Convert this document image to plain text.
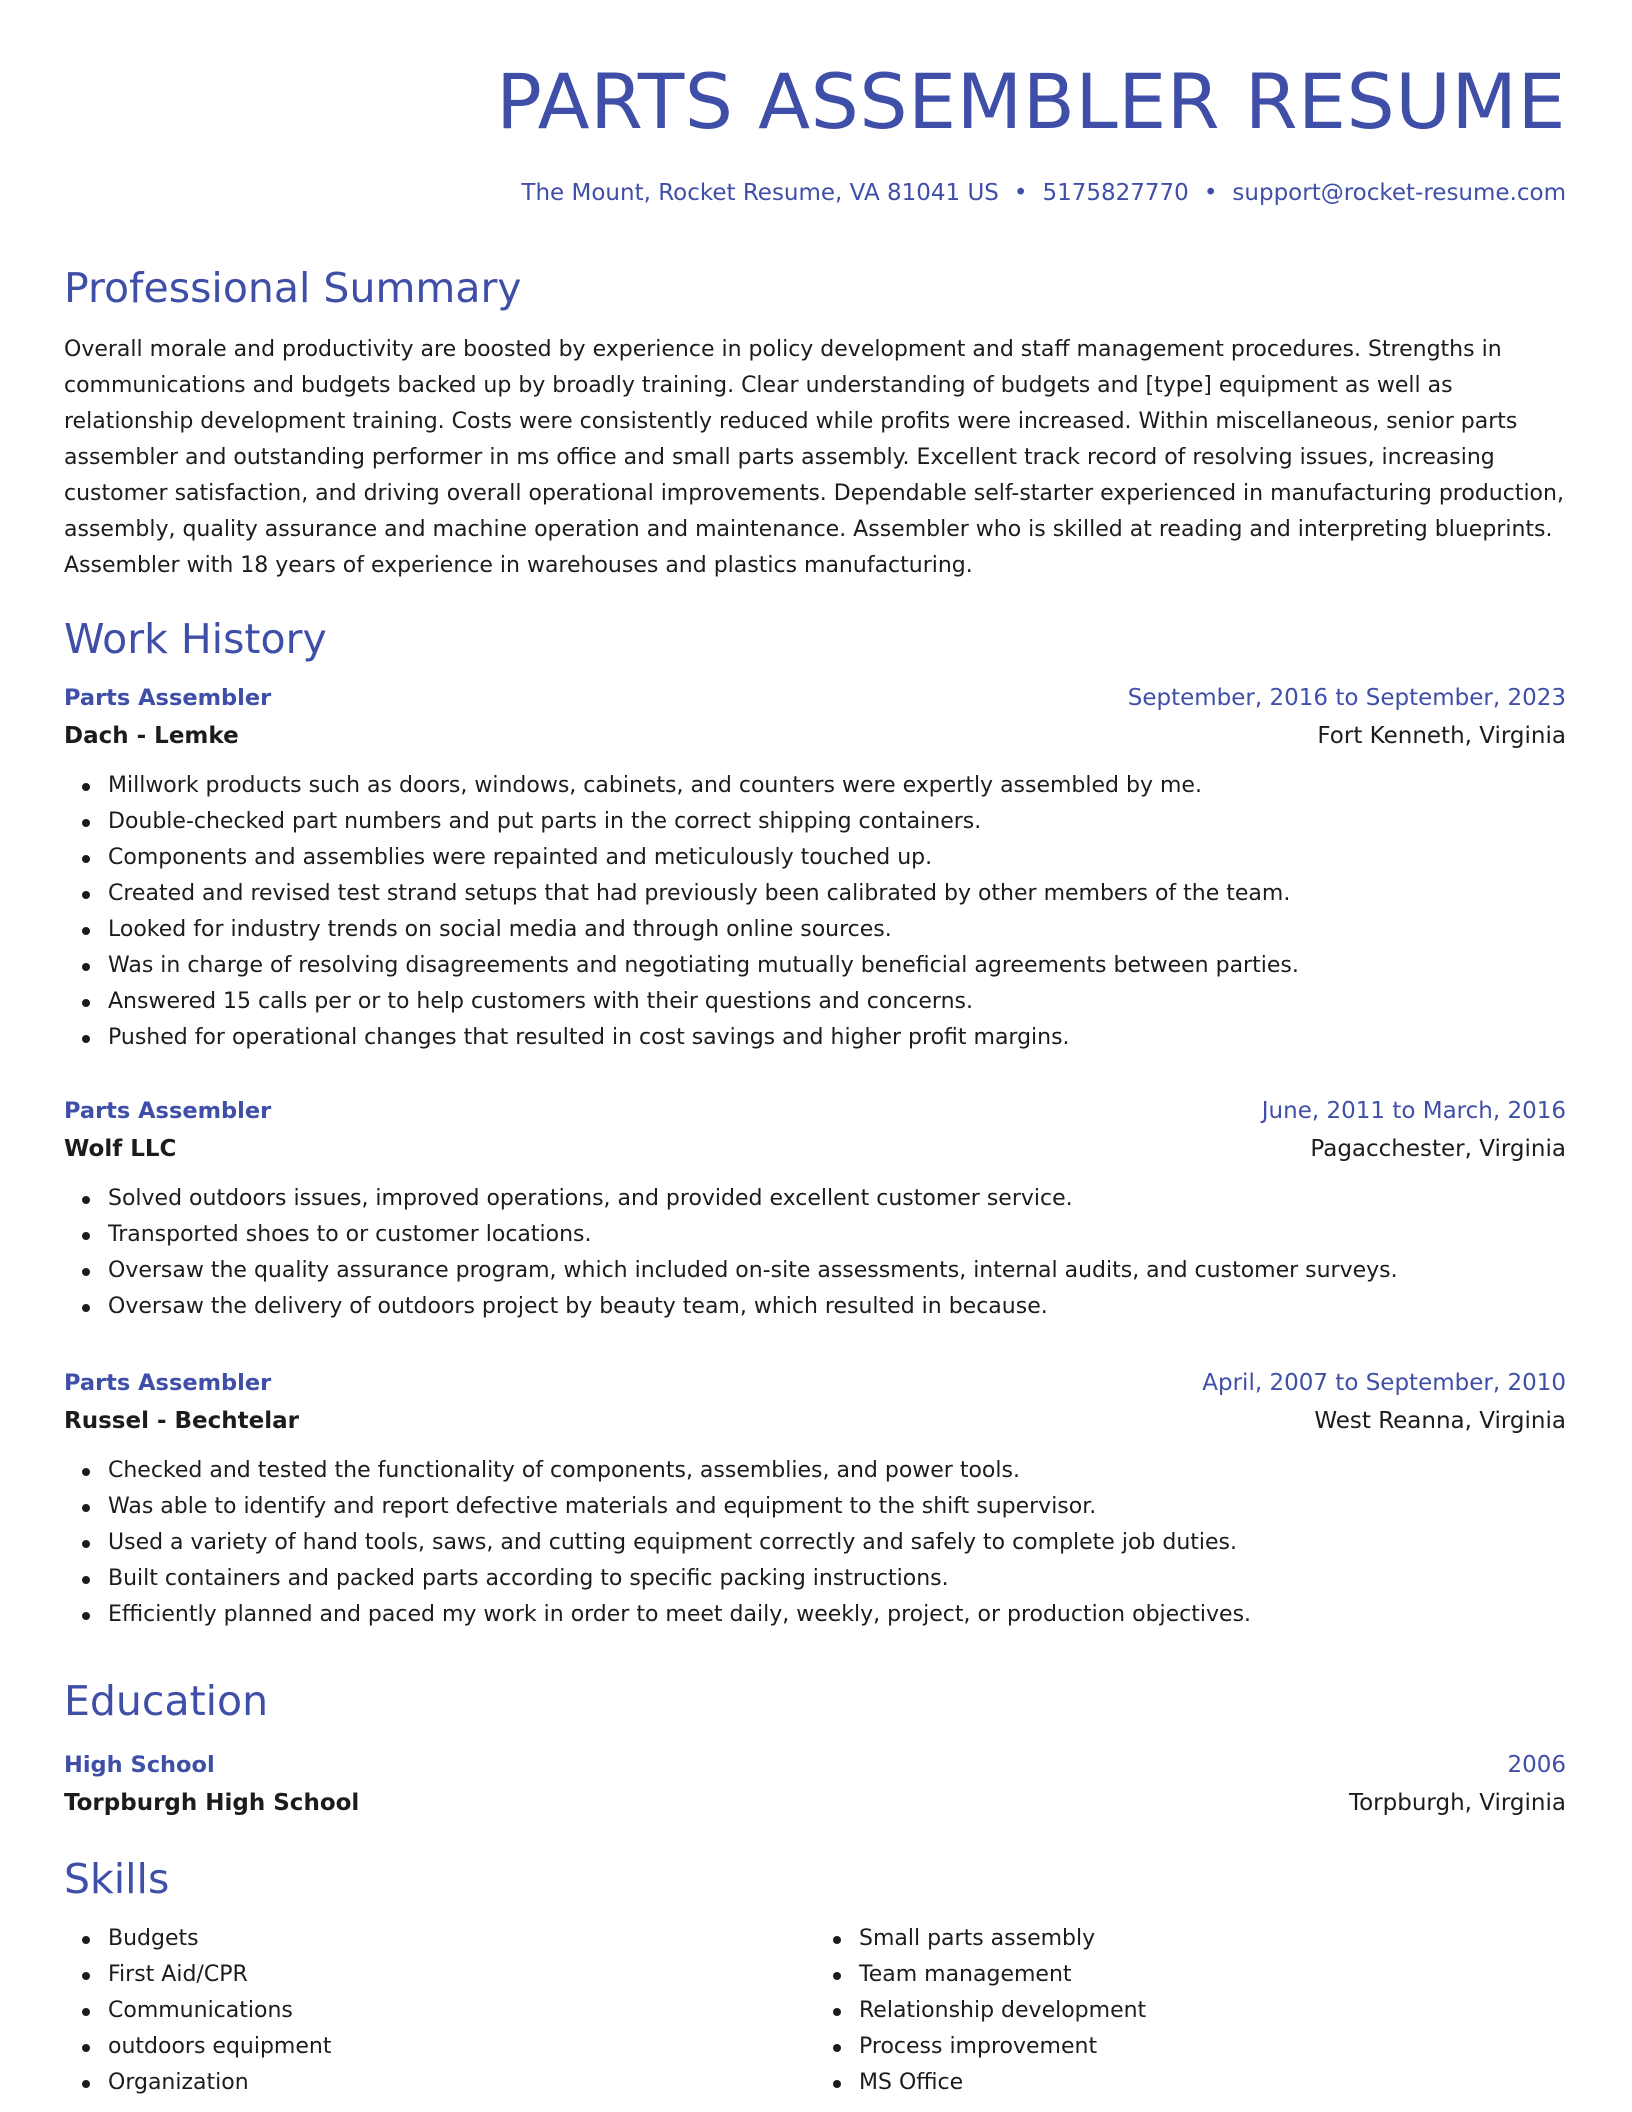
PARTS ASSEMBLER RESUME
The Mount, Rocket Resume, VA 81041 US • 5175827770 • support@rocket-resume.com
Professional Summary

Overall morale and productivity are boosted by experience in policy development and staff management procedures. Strengths in communications and budgets backed up by broadly training. Clear understanding of budgets and [type] equipment as well as relationship development training. Costs were consistently reduced while profits were increased. Within miscellaneous, senior parts assembler and outstanding performer in ms office and small parts assembly. Excellent track record of resolving issues, increasing customer satisfaction, and driving overall operational improvements. Dependable self-starter experienced in manufacturing production, assembly, quality assurance and machine operation and maintenance. Assembler who is skilled at reading and interpreting blueprints. Assembler with 18 years of experience in warehouses and plastics manufacturing.

Work History
Parts Assembler	September, 2016 to September, 2023
Dach - Lemke	Fort Kenneth, Virginia
Millwork products such as doors, windows, cabinets, and counters were expertly assembled by me.
Double-checked part numbers and put parts in the correct shipping containers.
Components and assemblies were repainted and meticulously touched up.
Created and revised test strand setups that had previously been calibrated by other members of the team.
Looked for industry trends on social media and through online sources.
Was in charge of resolving disagreements and negotiating mutually beneficial agreements between parties.
Answered 15 calls per or to help customers with their questions and concerns.
Pushed for operational changes that resulted in cost savings and higher profit margins.
Parts Assembler	June, 2011 to March, 2016
Wolf LLC	Pagacchester, Virginia
Solved outdoors issues, improved operations, and provided excellent customer service.
Transported shoes to or customer locations.
Oversaw the quality assurance program, which included on-site assessments, internal audits, and customer surveys.
Oversaw the delivery of outdoors project by beauty team, which resulted in because.
Parts Assembler	April, 2007 to September, 2010
Russel - Bechtelar	West Reanna, Virginia
Checked and tested the functionality of components, assemblies, and power tools.
Was able to identify and report defective materials and equipment to the shift supervisor.
Used a variety of hand tools, saws, and cutting equipment correctly and safely to complete job duties.
Built containers and packed parts according to specific packing instructions.
Efficiently planned and paced my work in order to meet daily, weekly, project, or production objectives.
Education
High School	2006
Torpburgh High School	Torpburgh, Virginia
Skills
Budgets
First Aid/CPR
Communications
outdoors equipment
Organization
Small parts assembly
Team management
Relationship development
Process improvement
MS Office
